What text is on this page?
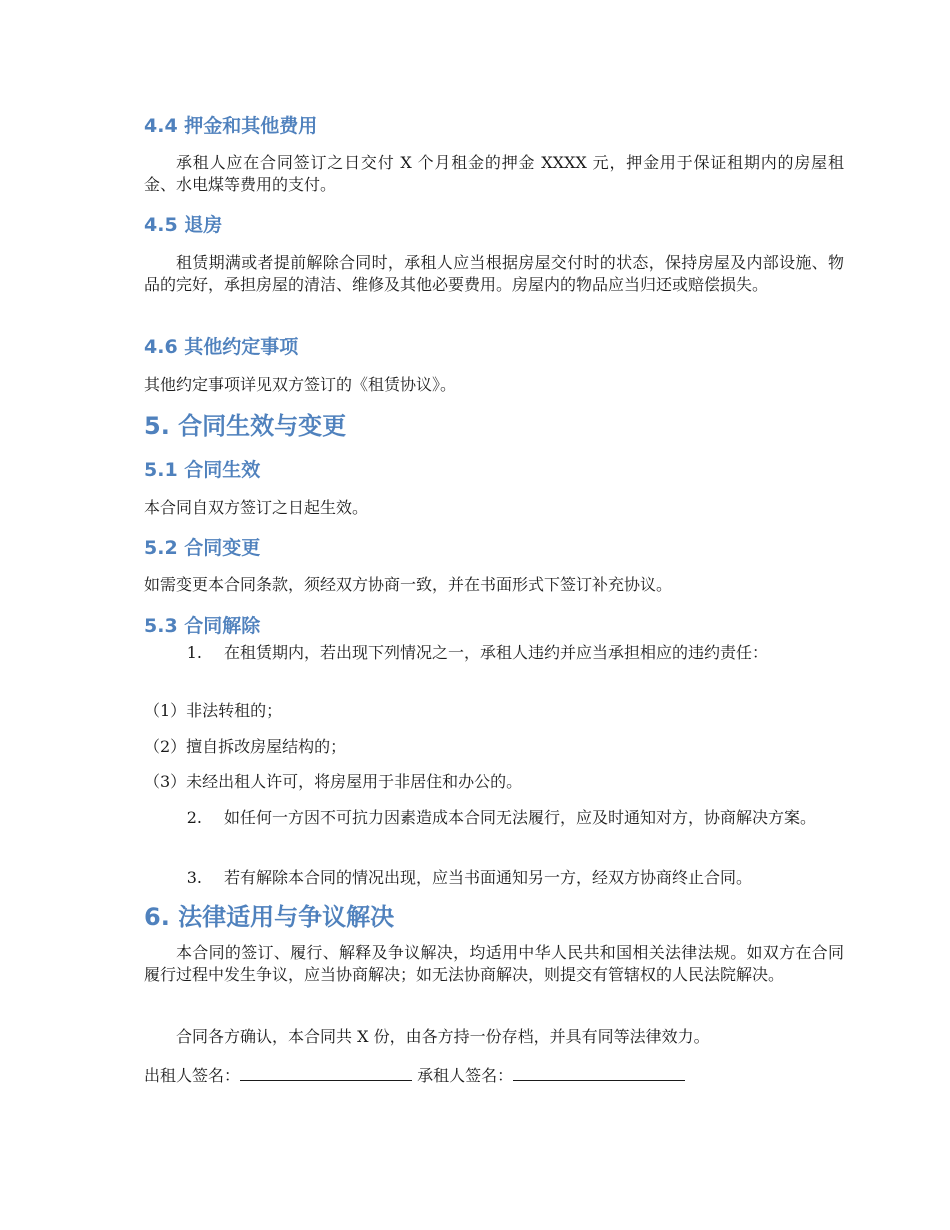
4.4 押金和其他费用

承租人应在合同签订之日交付 X 个月租金的押金 XXXX 元，押金用于保证租期内的房屋租金、水电煤等费用的支付。

4.5 退房

租赁期满或者提前解除合同时，承租人应当根据房屋交付时的状态，保持房屋及内部设施、物品的完好，承担房屋的清洁、维修及其他必要费用。房屋内的物品应当归还或赔偿损失。

4.6 其他约定事项

其他约定事项详见双方签订的《租赁协议》。

5. 合同生效与变更
5.1 合同生效

本合同自双方签订之日起生效。

5.2 合同变更

如需变更本合同条款，须经双方协商一致，并在书面形式下签订补充协议。

5.3 合同解除
1. 在租赁期内，若出现下列情况之一，承租人违约并应当承担相应的违约责任：
（1）非法转租的；
（2）擅自拆改房屋结构的；
（3）未经出租人许可，将房屋用于非居住和办公的。
2. 如任何一方因不可抗力因素造成本合同无法履行，应及时通知对方，协商解决方案。
3. 若有解除本合同的情况出现，应当书面通知另一方，经双方协商终止合同。
6. 法律适用与争议解决

本合同的签订、履行、解释及争议解决，均适用中华人民共和国相关法律法规。如双方在合同履行过程中发生争议，应当协商解决；如无法协商解决，则提交有管辖权的人民法院解决。

合同各方确认，本合同共 X 份，由各方持一份存档，并具有同等法律效力。

出租人签名：	承租人签名：
